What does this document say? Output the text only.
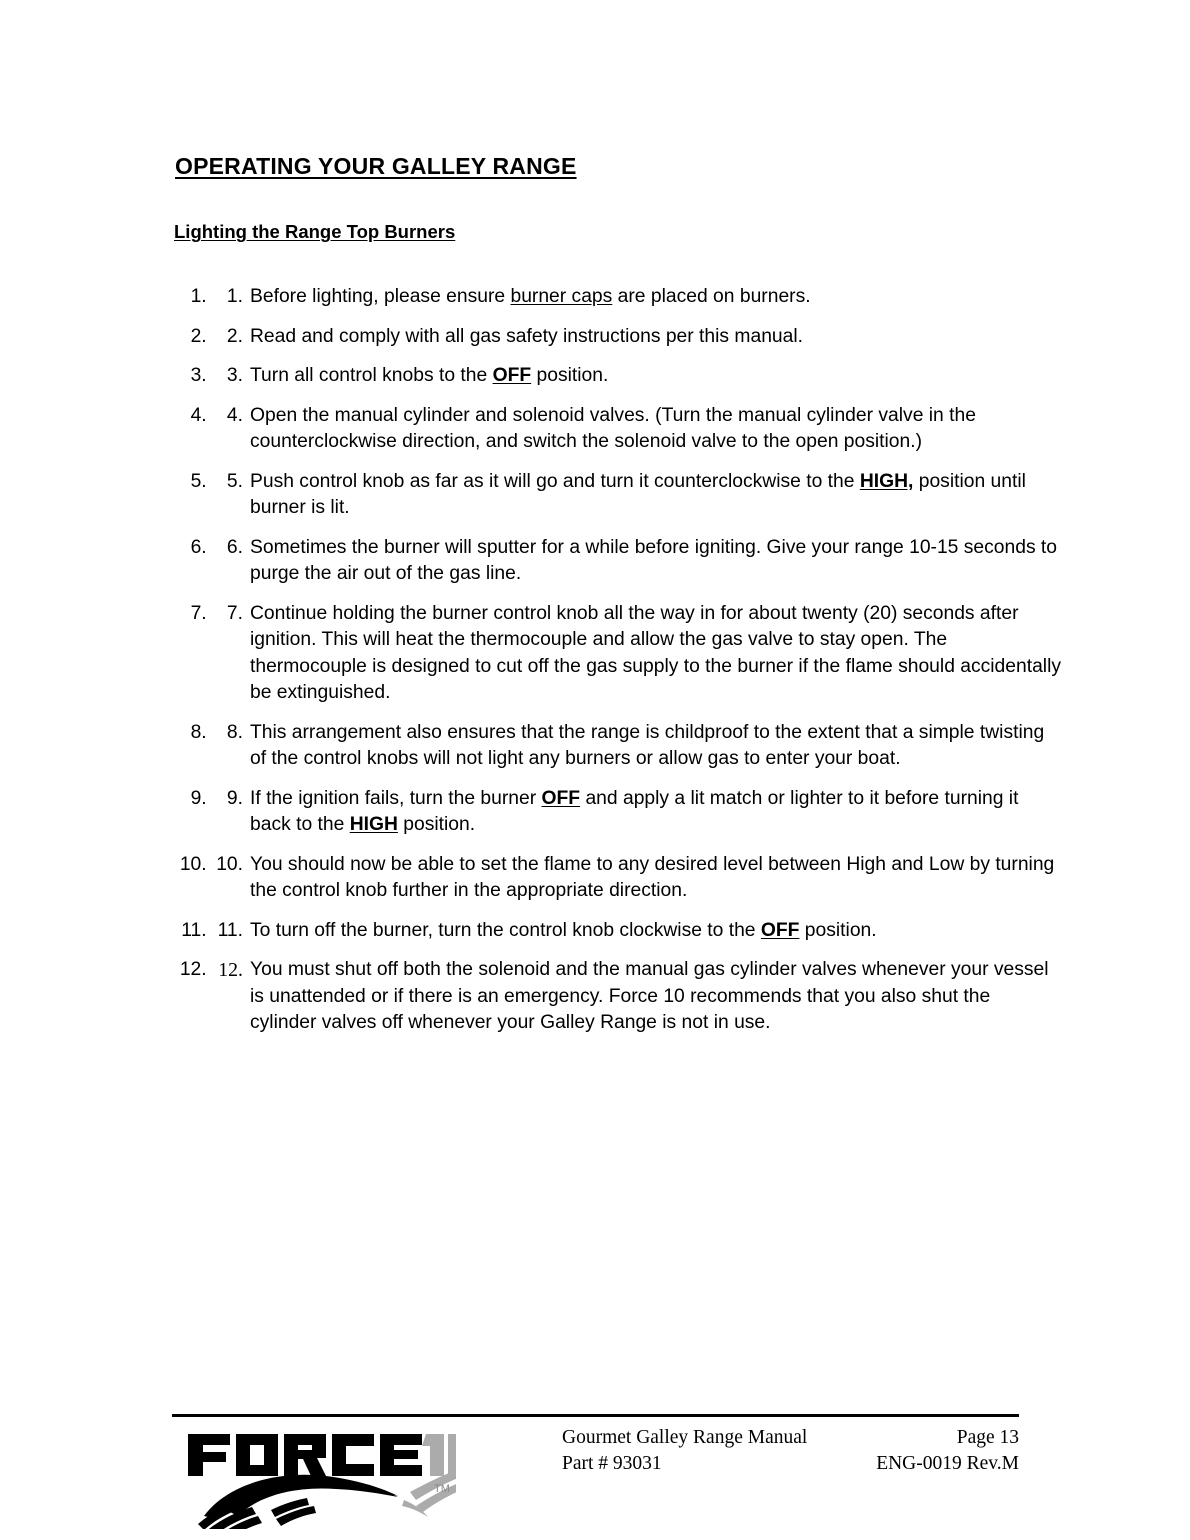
OPERATING YOUR GALLEY RANGE
Lighting the Range Top Burners
1. 1. Before lighting, please ensure burner caps are placed on burners.
2. 2. Read and comply with all gas safety instructions per this manual.
3. 3. Turn all control knobs to the OFF position.
4. 4. Open the manual cylinder and solenoid valves. (Turn the manual cylinder valve in the counterclockwise direction, and switch the solenoid valve to the open position.)
5. 5. Push control knob as far as it will go and turn it counterclockwise to the HIGH, position until burner is lit.
6. 6. Sometimes the burner will sputter for a while before igniting. Give your range 10-15 seconds to purge the air out of the gas line.
7. 7. Continue holding the burner control knob all the way in for about twenty (20) seconds after ignition. This will heat the thermocouple and allow the gas valve to stay open. The thermocouple is designed to cut off the gas supply to the burner if the flame should accidentally be extinguished.
8. 8. This arrangement also ensures that the range is childproof to the extent that a simple twisting of the control knobs will not light any burners or allow gas to enter your boat.
9. 9. If the ignition fails, turn the burner OFF and apply a lit match or lighter to it before turning it back to the HIGH position.
10. 10. You should now be able to set the flame to any desired level between High and Low by turning the control knob further in the appropriate direction.
11. 11. To turn off the burner, turn the control knob clockwise to the OFF position.
12. 12. You must shut off both the solenoid and the manual gas cylinder valves whenever your vessel is unattended or if there is an emergency. Force 10 recommends that you also shut the cylinder valves off whenever your Galley Range is not in use.
TM
Gourmet Galley Range Manual
Part # 93031
Page 13
ENG-0019 Rev.M
